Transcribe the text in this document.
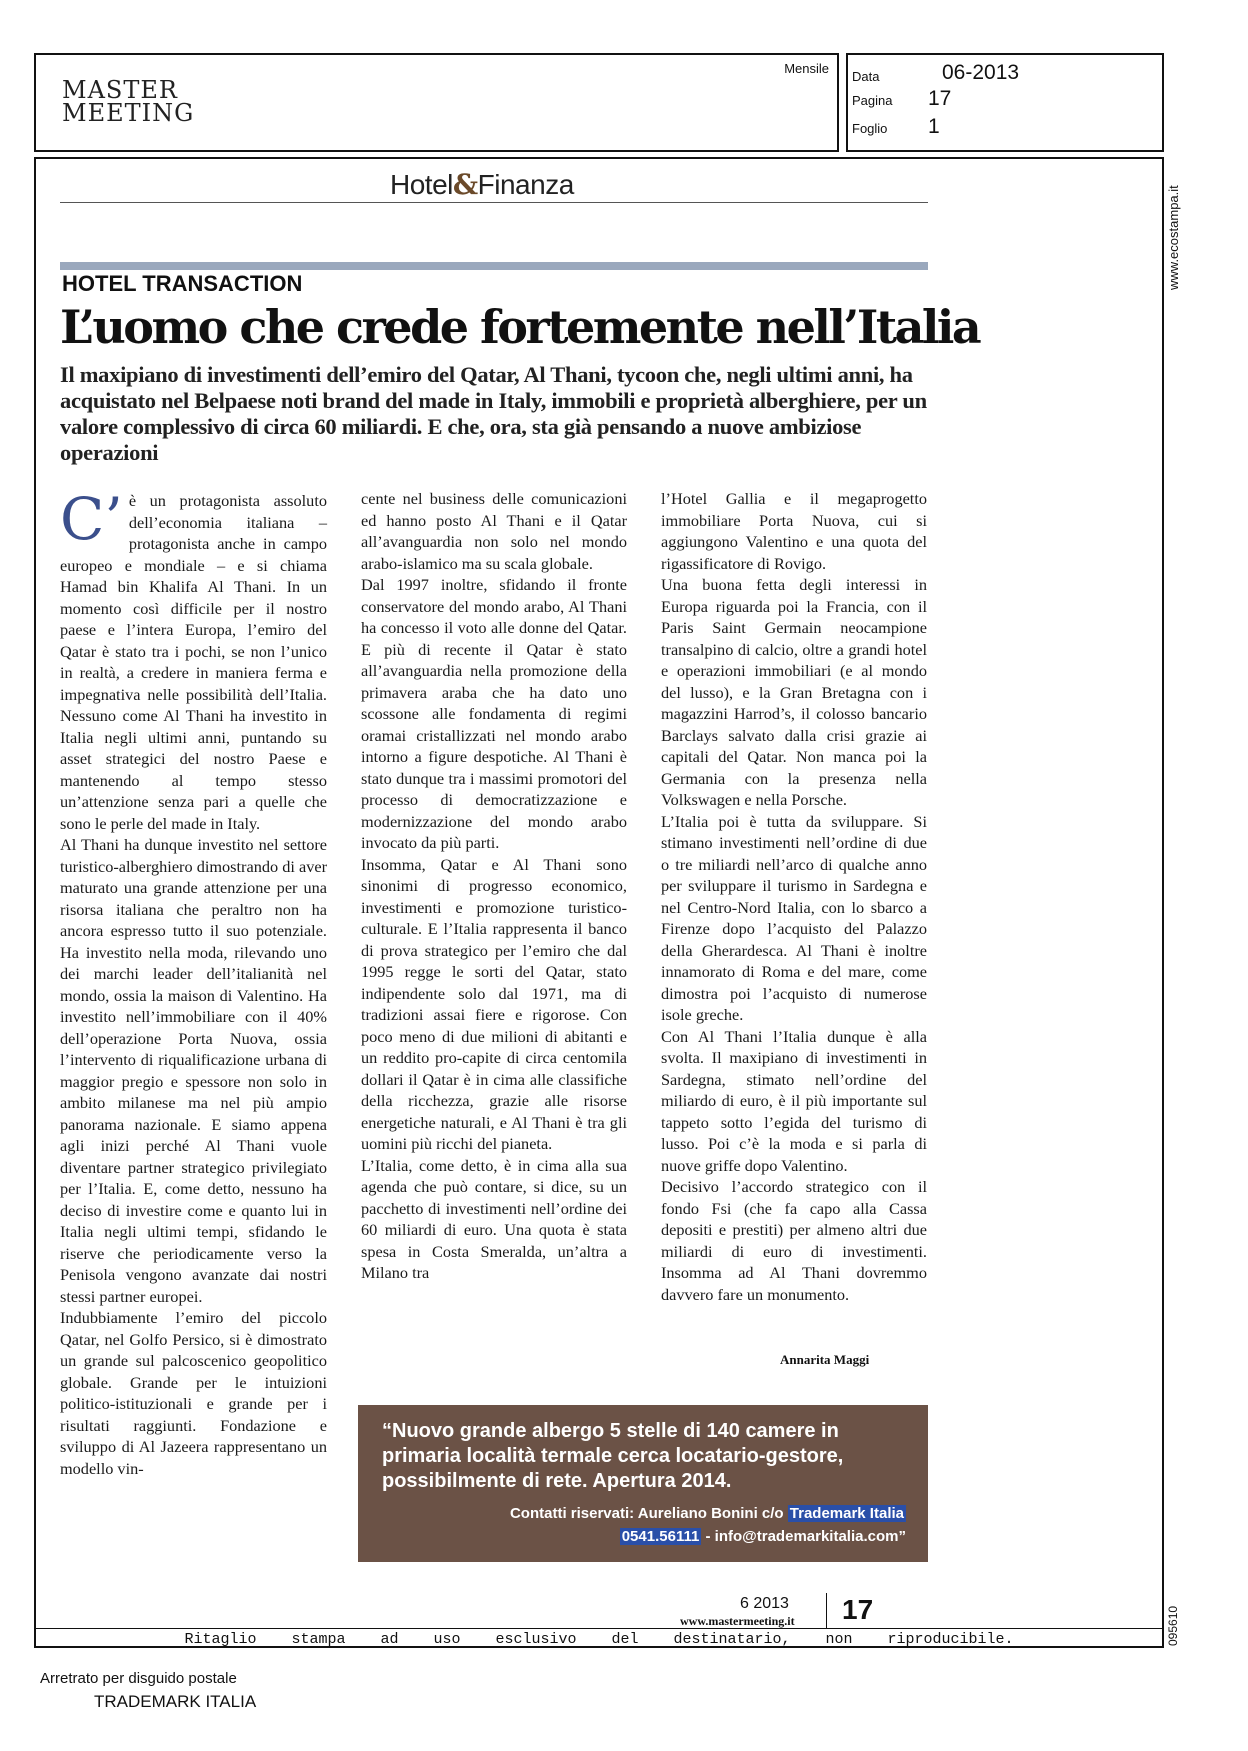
MASTER
MEETING
Mensile
Data	06-2013
Pagina	17
Foglio	1
www.ecostampa.it
095610
Hotel&Finanza
HOTEL TRANSACTION
L’uomo che crede fortemente nell’Italia
Il maxipiano di investimenti dell’emiro del Qatar, Al Thani, tycoon che, negli ultimi anni, ha acquistato nel Belpaese noti brand del made in Italy, immobili e proprietà alberghiere, per un valore complessivo di circa 60 miliardi. E che, ora, sta già pensando a nuove ambiziose operazioni
C’ è un protagonista assoluto dell’economia italiana – protagonista anche in campo europeo e mondiale – e si chiama Hamad bin Khalifa Al Thani. In un momento così difficile per il nostro paese e l’intera Europa, l’emiro del Qatar è stato tra i pochi, se non l’unico in realtà, a credere in maniera ferma e impegnativa nelle possibilità dell’Italia. Nessuno come Al Thani ha investito in Italia negli ultimi anni, puntando su asset strategici del nostro Paese e mantenendo al tempo stesso un’attenzione senza pari a quelle che sono le perle del made in Italy.

Al Thani ha dunque investito nel settore turistico-alberghiero dimostrando di aver maturato una grande attenzione per una risorsa italiana che peraltro non ha ancora espresso tutto il suo potenziale. Ha investito nella moda, rilevando uno dei marchi leader dell’italianità nel mondo, ossia la maison di Valentino. Ha investito nell’immobiliare con il 40% dell’operazione Porta Nuova, ossia l’intervento di riqualificazione urbana di maggior pregio e spessore non solo in ambito milanese ma nel più ampio panorama nazionale. E siamo appena agli inizi perché Al Thani vuole diventare partner strategico privilegiato per l’Italia. E, come detto, nessuno ha deciso di investire come e quanto lui in Italia negli ultimi tempi, sfidando le riserve che periodicamente verso la Penisola vengono avanzate dai nostri stessi partner europei.

Indubbiamente l’emiro del piccolo Qatar, nel Golfo Persico, si è dimostrato un grande sul palcoscenico geopolitico globale. Grande per le intuizioni politico-istituzionali e grande per i risultati raggiunti. Fondazione e sviluppo di Al Jazeera rappresentano un modello vin-

cente nel business delle comunicazioni ed hanno posto Al Thani e il Qatar all’avanguardia non solo nel mondo arabo-islamico ma su scala globale.

Dal 1997 inoltre, sfidando il fronte conservatore del mondo arabo, Al Thani ha concesso il voto alle donne del Qatar. E più di recente il Qatar è stato all’avanguardia nella promozione della primavera araba che ha dato uno scossone alle fondamenta di regimi oramai cristallizzati nel mondo arabo intorno a figure despotiche. Al Thani è stato dunque tra i massimi promotori del processo di democratizzazione e modernizzazione del mondo arabo invocato da più parti.

Insomma, Qatar e Al Thani sono sinonimi di progresso economico, investimenti e promozione turistico-culturale. E l’Italia rappresenta il banco di prova strategico per l’emiro che dal 1995 regge le sorti del Qatar, stato indipendente solo dal 1971, ma di tradizioni assai fiere e rigorose. Con poco meno di due milioni di abitanti e un reddito pro-capite di circa centomila dollari il Qatar è in cima alle classifiche della ricchezza, grazie alle risorse energetiche naturali, e Al Thani è tra gli uomini più ricchi del pianeta.

L’Italia, come detto, è in cima alla sua agenda che può contare, si dice, su un pacchetto di investimenti nell’ordine dei 60 miliardi di euro. Una quota è stata spesa in Costa Smeralda, un’altra a Milano tra

l’Hotel Gallia e il megaprogetto immobiliare Porta Nuova, cui si aggiungono Valentino e una quota del rigassificatore di Rovigo.

Una buona fetta degli interessi in Europa riguarda poi la Francia, con il Paris Saint Germain neocampione transalpino di calcio, oltre a grandi hotel e operazioni immobiliari (e al mondo del lusso), e la Gran Bretagna con i magazzini Harrod’s, il colosso bancario Barclays salvato dalla crisi grazie ai capitali del Qatar. Non manca poi la Germania con la presenza nella Volkswagen e nella Porsche.

L’Italia poi è tutta da sviluppare. Si stimano investimenti nell’ordine di due o tre miliardi nell’arco di qualche anno per sviluppare il turismo in Sardegna e nel Centro-Nord Italia, con lo sbarco a Firenze dopo l’acquisto del Palazzo della Gherardesca. Al Thani è inoltre innamorato di Roma e del mare, come dimostra poi l’acquisto di numerose isole greche.

Con Al Thani l’Italia dunque è alla svolta. Il maxipiano di investimenti in Sardegna, stimato nell’ordine del miliardo di euro, è il più importante sul tappeto sotto l’egida del turismo di lusso. Poi c’è la moda e si parla di nuove griffe dopo Valentino.

Decisivo l’accordo strategico con il fondo Fsi (che fa capo alla Cassa depositi e prestiti) per almeno altri due miliardi di euro di investimenti. Insomma ad Al Thani dovremmo davvero fare un monumento.

Annarita Maggi
“Nuovo grande albergo 5 stelle di 140 camere in primaria località termale cerca locatario-gestore, possibilmente di rete. Apertura 2014.
Contatti riservati: Aureliano Bonini c/o Trademark Italia
0541.56111 - info@trademarkitalia.com”
6 2013
www.mastermeeting.it 17
Ritaglio stampa ad uso esclusivo del destinatario, non riproducibile.
Arretrato per disguido postale
TRADEMARK ITALIA
